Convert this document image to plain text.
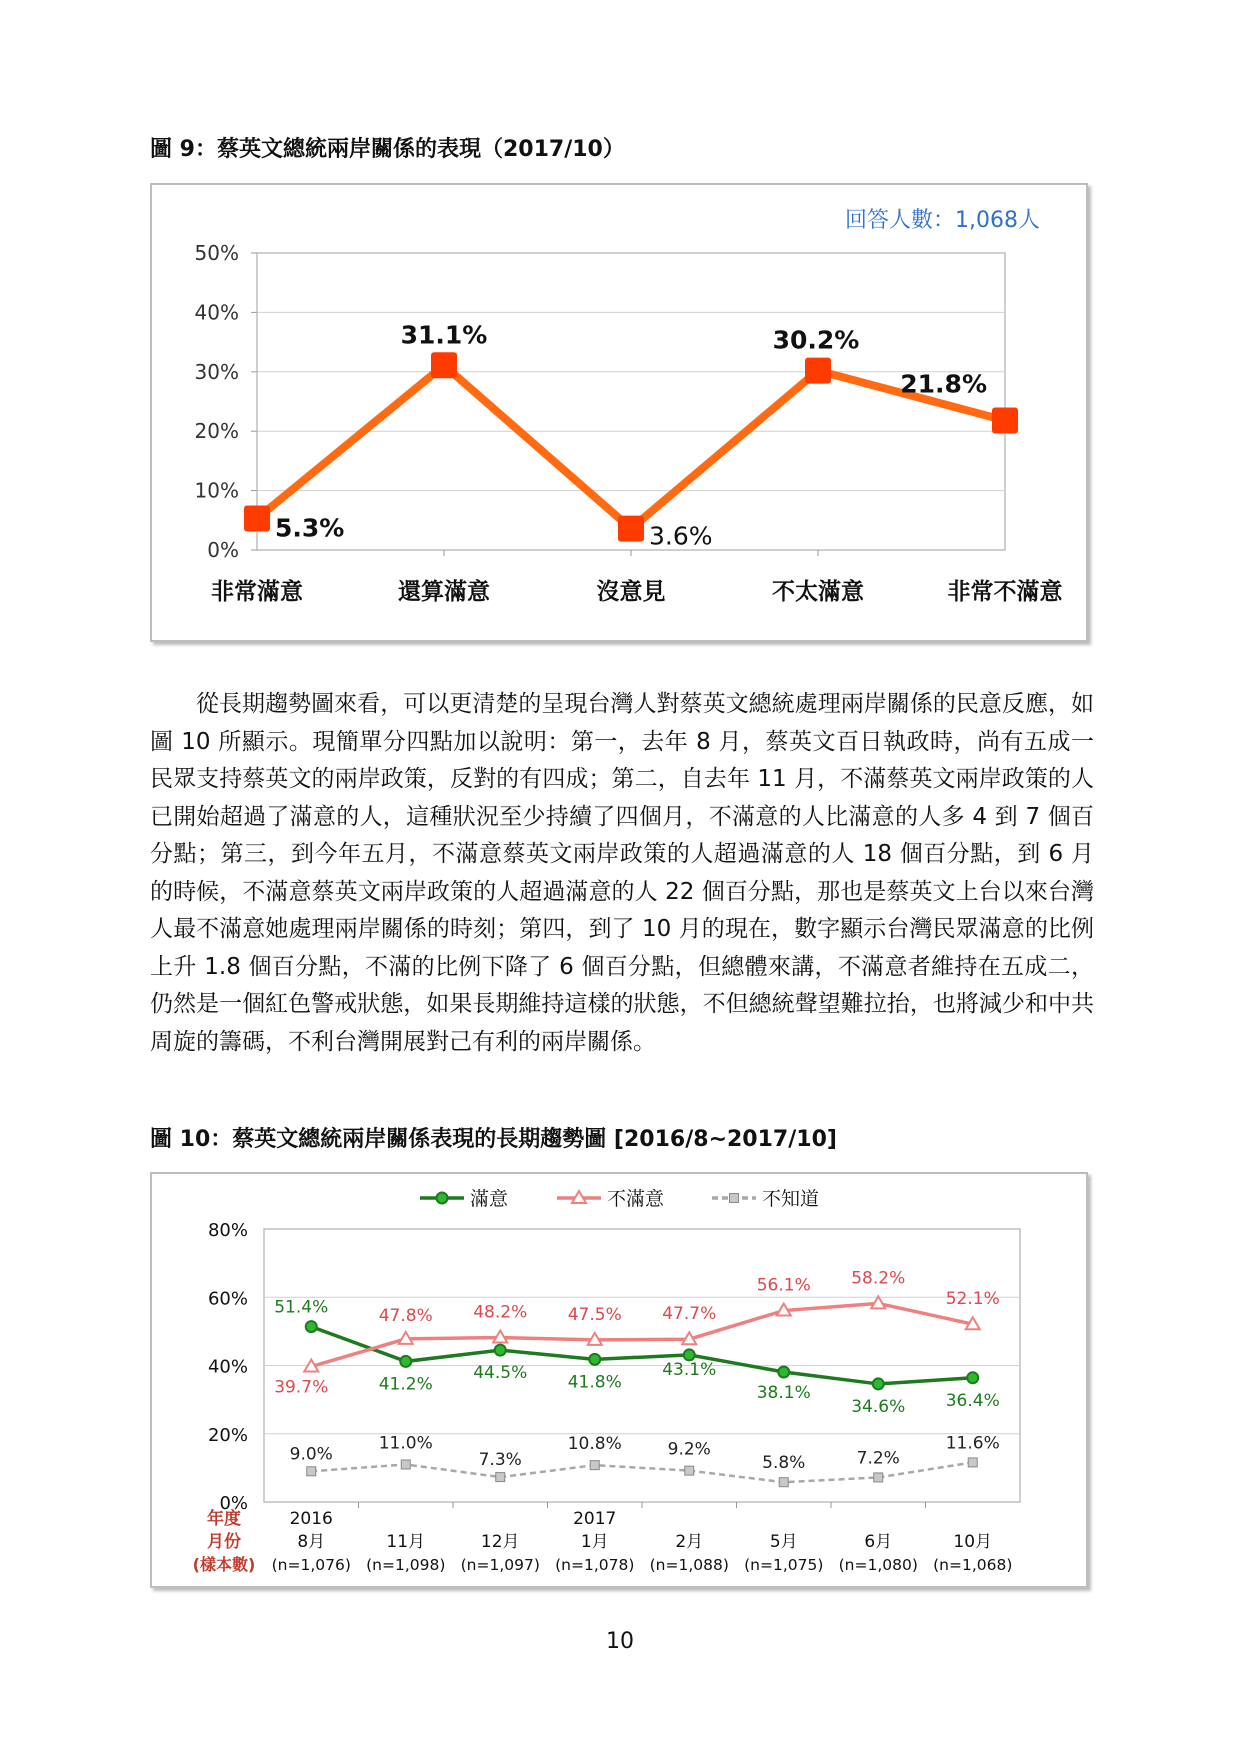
圖 9：蔡英文總統兩岸關係的表現（2017/10）
0%
10%
20%
30%
40%
50%
5.3%
31.1%
3.6%
30.2%
21.8%
非常滿意	還算滿意	沒意見	不太滿意	非常不滿意
回答人數：1,068人
從長期趨勢圖來看，可以更清楚的呈現台灣人對蔡英文總統處理兩岸關係的民意反應，如圖 10 所顯示。現簡單分四點加以說明：第一，去年 8 月，蔡英文百日執政時，尚有五成一民眾支持蔡英文的兩岸政策，反對的有四成；第二，自去年 11 月，不滿蔡英文兩岸政策的人已開始超過了滿意的人，這種狀況至少持續了四個月，不滿意的人比滿意的人多 4 到 7 個百分點；第三，到今年五月，不滿意蔡英文兩岸政策的人超過滿意的人 18 個百分點，到 6 月的時候，不滿意蔡英文兩岸政策的人超過滿意的人 22 個百分點，那也是蔡英文上台以來台灣人最不滿意她處理兩岸關係的時刻；第四，到了 10 月的現在，數字顯示台灣民眾滿意的比例上升 1.8 個百分點，不滿的比例下降了 6 個百分點，但總體來講，不滿意者維持在五成二，仍然是一個紅色警戒狀態，如果長期維持這樣的狀態，不但總統聲望難拉抬，也將減少和中共周旋的籌碼，不利台灣開展對己有利的兩岸關係。
圖 10：蔡英文總統兩岸關係表現的長期趨勢圖 [2016/8~2017/10]
0%
20%
40%
60%
80%
51.4%
41.2%
44.5% 41.8%
43.1%
38.1%
34.6% 36.4%
39.7%
47.8% 48.2% 47.5% 47.7%
56.1% 58.2%
52.1%
9.0%
11.0%
7.3%
10.8%	9.2%
5.8%	7.2%
11.6%
滿意	不滿意	不知道
年度
月份
(樣本數)
2016
8月
(n=1,076)
11月
(n=1,098)
12月
(n=1,097)
2017
1月
(n=1,078)
2月
(n=1,088)
5月
(n=1,075)
6月
(n=1,080)
10月
(n=1,068)
10
